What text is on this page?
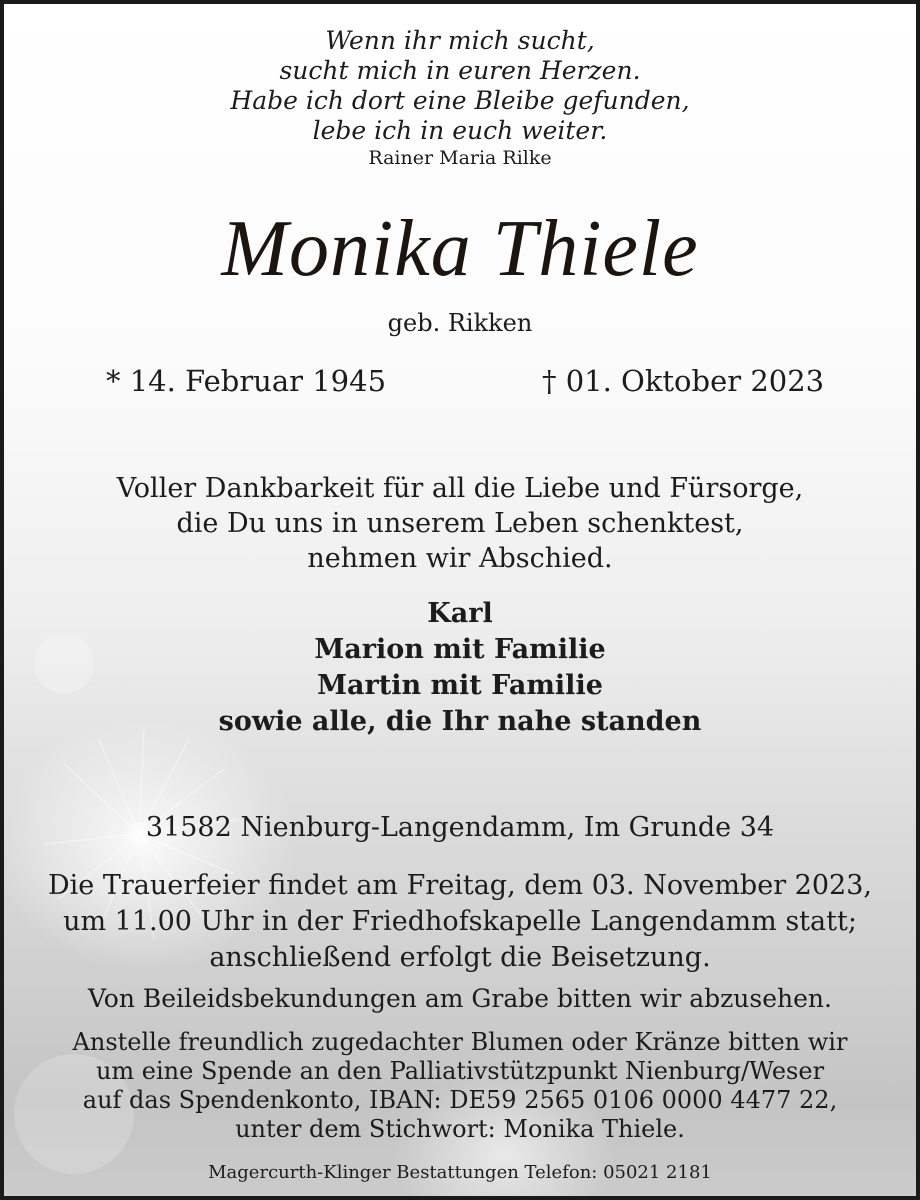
Wenn ihr mich sucht,
sucht mich in euren Herzen.
Habe ich dort eine Bleibe gefunden,
lebe ich in euch weiter.
Rainer Maria Rilke
Monika Thiele
geb. Rikken
* 14. Februar 1945	† 01. Oktober 2023
Voller Dankbarkeit für all die Liebe und Fürsorge,
die Du uns in unserem Leben schenktest,
nehmen wir Abschied.
Karl
Marion mit Familie
Martin mit Familie
sowie alle, die Ihr nahe standen
31582 Nienburg-Langendamm, Im Grunde 34
Die Trauerfeier findet am Freitag, dem 03. November 2023,
um 11.00 Uhr in der Friedhofskapelle Langendamm statt;
anschließend erfolgt die Beisetzung.
Von Beileidsbekundungen am Grabe bitten wir abzusehen.
Anstelle freundlich zugedachter Blumen oder Kränze bitten wir
um eine Spende an den Palliativstützpunkt Nienburg/Weser
auf das Spendenkonto, IBAN: DE59 2565 0106 0000 4477 22,
unter dem Stichwort: Monika Thiele.
Magercurth-Klinger Bestattungen Telefon: 05021 2181
